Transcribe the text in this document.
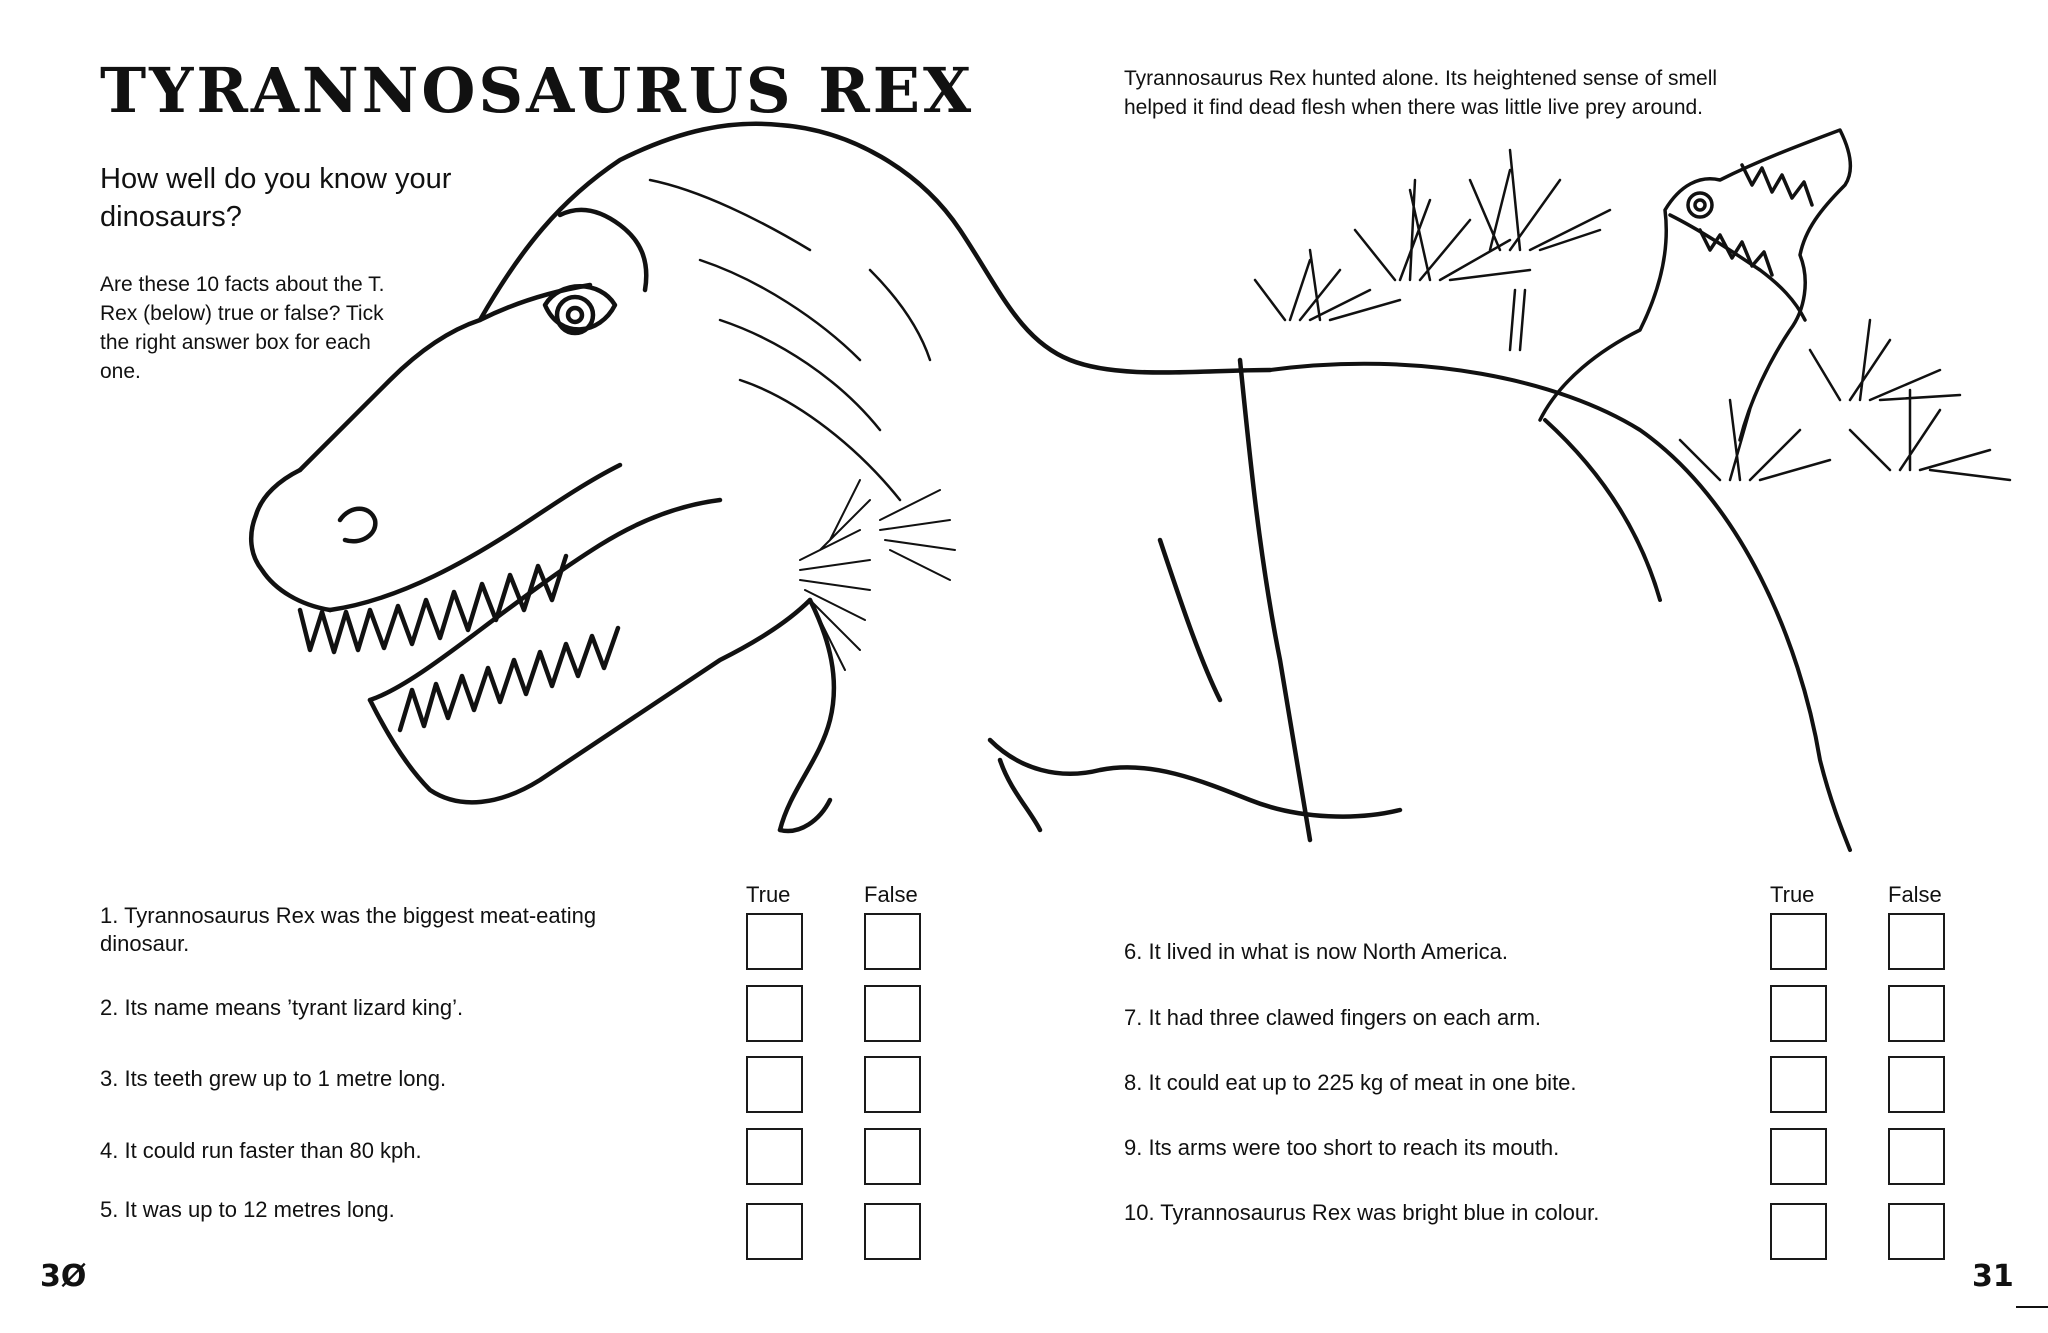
TYRANNOSAURUS REX
How well do you know your dinosaurs?
Are these 10 facts about the T. Rex (below) true or false? Tick the right answer box for each one.
Tyrannosaurus Rex hunted alone. Its heightened sense of smell helped it find dead flesh when there was little live prey around.
True	False	True	False
1. Tyrannosaurus Rex was the biggest meat-eating dinosaur.
2. Its name means ’tyrant lizard king’.
3. Its teeth grew up to 1 metre long.
4. It could run faster than 80 kph.
5. It was up to 12 metres long.
6. It lived in what is now North America.
7. It had three clawed fingers on each arm.
8. It could eat up to 225 kg of meat in one bite.
9. Its arms were too short to reach its mouth.
10. Tyrannosaurus Rex was bright blue in colour.
3Ø	31
